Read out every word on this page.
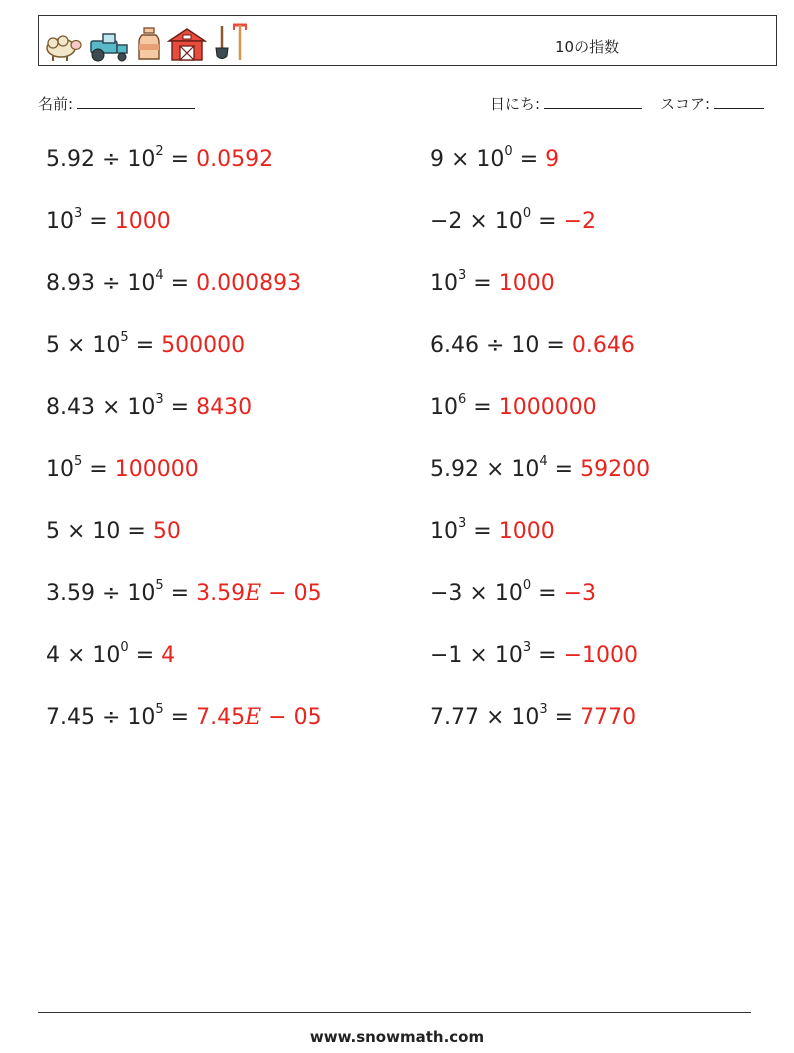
10の指数
名前:	日にち:	スコア:
$5.92 \div 10^2 = 0.0592$
$10^3 = 1000$
$8.93 \div 10^4 = 0.000893$
$5 \times 10^5 = 500000$
$8.43 \times 10^3 = 8430$
$10^5 = 100000$
5 × 10 = 50
$3.59 \div 10^5 = 3.59E - 05$
$4 \times 10^0 = 4$
$7.45 \div 10^5 = 7.45E - 05$
$9 \times 10^0 = 9$
$-2 \times 10^0 = -2$
$10^3 = 1000$
6.46 ÷ 10 = 0.646
$10^6 = 1000000$
$5.92 \times 10^4 = 59200$
$10^3 = 1000$
$-3 \times 10^0 = -3$
$-1 \times 10^3 = -1000$
$7.77 \times 10^3 = 7770$
www.snowmath.com
